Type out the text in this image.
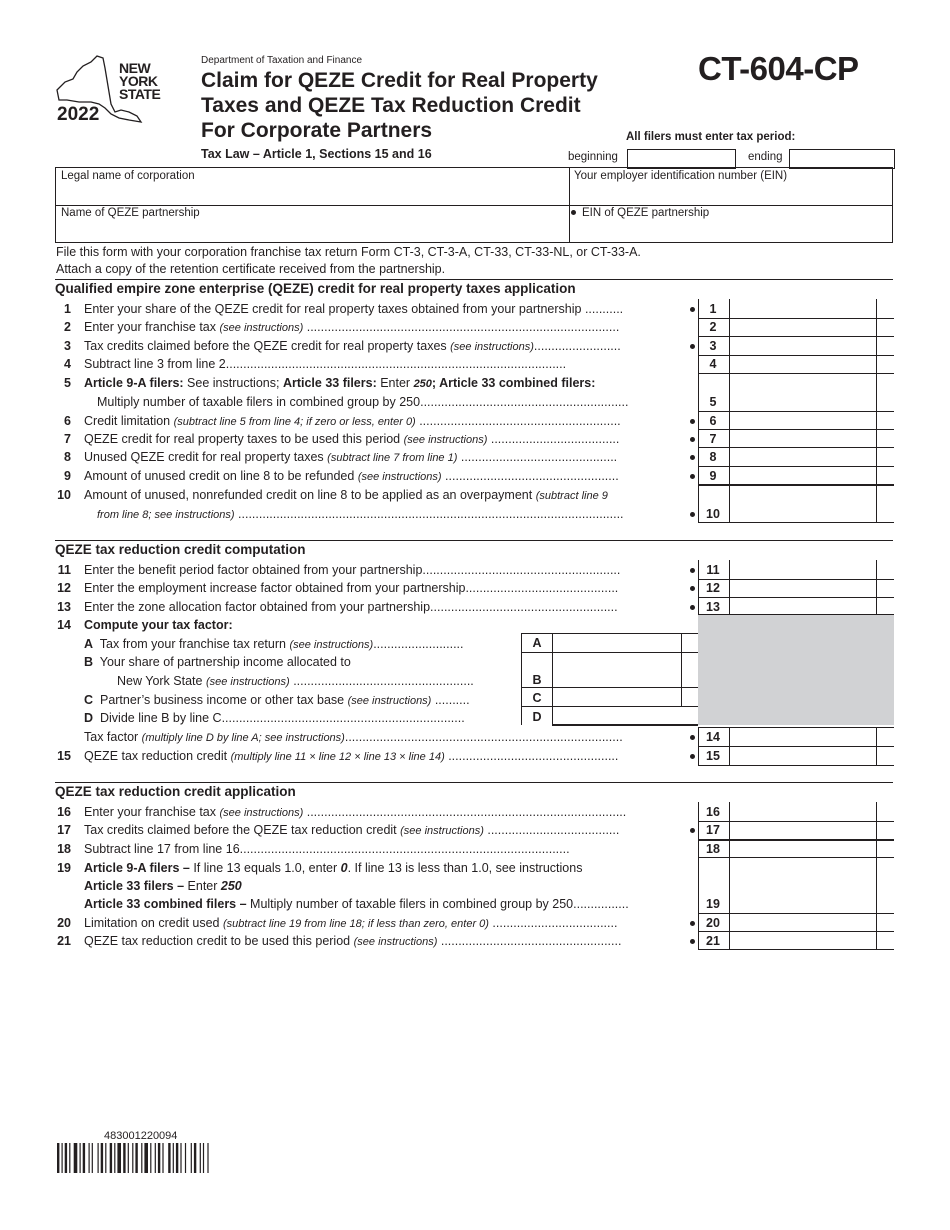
NEW
YORK
STATE
2022
Department of Taxation and Finance
Claim for QEZE Credit for Real Property
Taxes and QEZE Tax Reduction Credit
For Corporate Partners
Tax Law – Article 1, Sections 15 and 16
CT-604-CP
All filers must enter tax period:
beginning	ending
Legal name of corporation	Your employer identification number (EIN)
Name of QEZE partnership	EIN of QEZE partnership
File this form with your corporation franchise tax return Form CT-3, CT-3-A, CT-33, CT-33-NL, or CT-33-A.
Attach a copy of the retention certificate received from the partnership.
Qualified empire zone enterprise (QEZE) credit for real property taxes application
1 Enter your share of the QEZE credit for real property taxes obtained from your partnership ...........	1
2 Enter your franchise tax (see instructions) ..........................................................................................	2
3 Tax credits claimed before the QEZE credit for real property taxes (see instructions).........................	3
4 Subtract line 3 from line 2..................................................................................................	4
5 Article 9-A filers: See instructions; Article 33 filers: Enter 250; Article 33 combined filers:
Multiply number of taxable filers in combined group by 250............................................................	5
6 Credit limitation (subtract line 5 from line 4; if zero or less, enter 0) ..........................................................	6
7 QEZE credit for real property taxes to be used this period (see instructions) .....................................	7
8 Unused QEZE credit for real property taxes (subtract line 7 from line 1) .............................................	8
9 Amount of unused credit on line 8 to be refunded (see instructions) ..................................................	9
10 Amount of unused, nonrefunded credit on line 8 to be applied as an overpayment (subtract line 9
from line 8; see instructions) ...............................................................................................................	10
QEZE tax reduction credit computation
11 Enter the benefit period factor obtained from your partnership.........................................................	11
12 Enter the employment increase factor obtained from your partnership............................................	12
13 Enter the zone allocation factor obtained from your partnership......................................................	13
14 Compute your tax factor:
A Tax from your franchise tax return (see instructions)..........................
B Your share of partnership income allocated to
New York State (see instructions) ....................................................
C Partner’s business income or other tax base (see instructions) ..........
D Divide line B by line C......................................................................
A
B
C
D
Tax factor (multiply line D by line A; see instructions)................................................................................	14
15 QEZE tax reduction credit (multiply line 11 × line 12 × line 13 × line 14) .................................................	15
QEZE tax reduction credit application
16 Enter your franchise tax (see instructions) ............................................................................................	16
17 Tax credits claimed before the QEZE tax reduction credit (see instructions) ......................................	17
18 Subtract line 17 from line 16...............................................................................................	18
19 Article 9-A filers – If line 13 equals 1.0, enter 0. If line 13 is less than 1.0, see instructions
Article 33 filers – Enter 250
Article 33 combined filers – Multiply number of taxable filers in combined group by 250................	19
20 Limitation on credit used (subtract line 19 from line 18; if less than zero, enter 0) ....................................	20
21 QEZE tax reduction credit to be used this period (see instructions) ....................................................	21
483001220094
